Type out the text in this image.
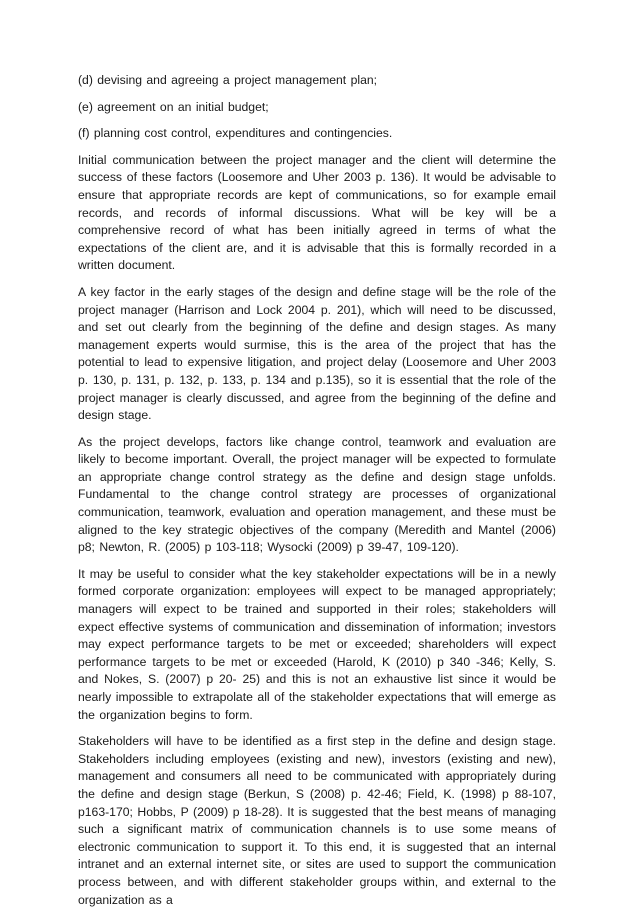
(d) devising and agreeing a project management plan;

(e) agreement on an initial budget;

(f) planning cost control, expenditures and contingencies.

Initial communication between the project manager and the client will determine the success of these factors (Loosemore and Uher 2003 p. 136). It would be advisable to ensure that appropriate records are kept of communications, so for example email records, and records of informal discussions. What will be key will be a comprehensive record of what has been initially agreed in terms of what the expectations of the client are, and it is advisable that this is formally recorded in a written document.

A key factor in the early stages of the design and define stage will be the role of the project manager (Harrison and Lock 2004 p. 201), which will need to be discussed, and set out clearly from the beginning of the define and design stages. As many management experts would surmise, this is the area of the project that has the potential to lead to expensive litigation, and project delay (Loosemore and Uher 2003 p. 130, p. 131, p. 132, p. 133, p. 134 and p.135), so it is essential that the role of the project manager is clearly discussed, and agree from the beginning of the define and design stage.

As the project develops, factors like change control, teamwork and evaluation are likely to become important. Overall, the project manager will be expected to formulate an appropriate change control strategy as the define and design stage unfolds. Fundamental to the change control strategy are processes of organizational communication, teamwork, evaluation and operation management, and these must be aligned to the key strategic objectives of the company (Meredith and Mantel (2006) p8; Newton, R. (2005) p 103-118; Wysocki (2009) p 39-47, 109-120).

It may be useful to consider what the key stakeholder expectations will be in a newly formed corporate organization: employees will expect to be managed appropriately; managers will expect to be trained and supported in their roles; stakeholders will expect effective systems of communication and dissemination of information; investors may expect performance targets to be met or exceeded; shareholders will expect performance targets to be met or exceeded (Harold, K (2010) p 340 -346; Kelly, S. and Nokes, S. (2007) p 20- 25) and this is not an exhaustive list since it would be nearly impossible to extrapolate all of the stakeholder expectations that will emerge as the organization begins to form.

Stakeholders will have to be identified as a first step in the define and design stage. Stakeholders including employees (existing and new), investors (existing and new), management and consumers all need to be communicated with appropriately during the define and design stage (Berkun, S (2008) p. 42-46; Field, K. (1998) p 88-107, p163-170; Hobbs, P (2009) p 18-28). It is suggested that the best means of managing such a significant matrix of communication channels is to use some means of electronic communication to support it. To this end, it is suggested that an internal intranet and an external internet site, or sites are used to support the communication process between, and with different stakeholder groups within, and external to the organization as a
